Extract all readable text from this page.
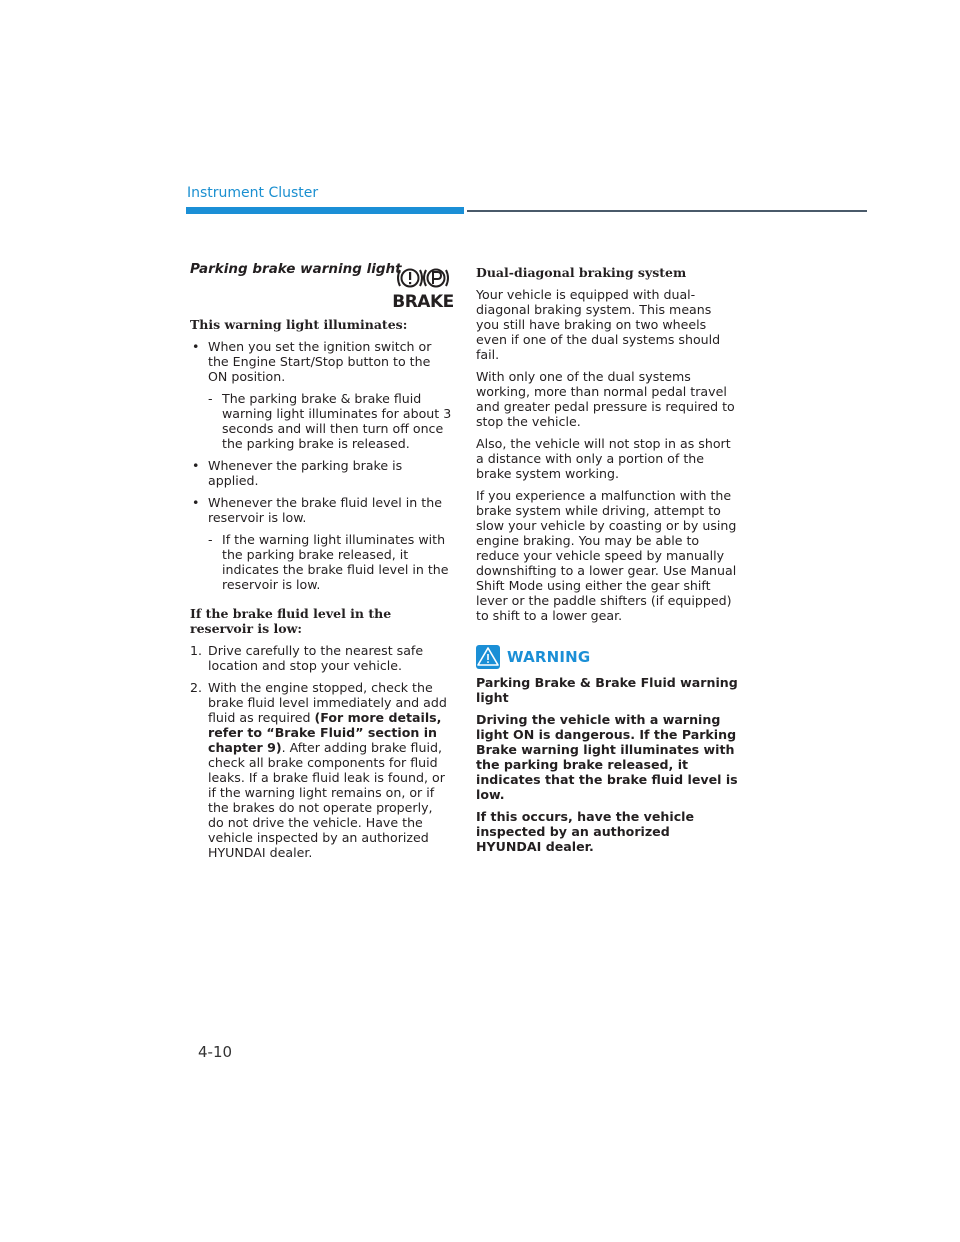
Instrument Cluster
BRAKE

Parking brake warning light

This warning light illuminates:

• When you set the ignition switch or the Engine Start/Stop button to the ON position.
- The parking brake & brake fluid warning light illuminates for about 3 seconds and will then turn off once the parking brake is released.
• Whenever the parking brake is applied.
• Whenever the brake fluid level in the reservoir is low.
- If the warning light illuminates with the parking brake released, it indicates the brake fluid level in the reservoir is low.

If the brake fluid level in the reservoir is low:

1. Drive carefully to the nearest safe location and stop your vehicle.
2. With the engine stopped, check the brake fluid level immediately and add fluid as required (For more details, refer to “Brake Fluid” section in chapter 9). After adding brake fluid, check all brake components for fluid leaks. If a brake fluid leak is found, or if the warning light remains on, or if the brakes do not operate properly, do not drive the vehicle. Have the vehicle inspected by an authorized HYUNDAI dealer.

Dual-diagonal braking system

Your vehicle is equipped with dual-diagonal braking system. This means you still have braking on two wheels even if one of the dual systems should fail.

With only one of the dual systems working, more than normal pedal travel and greater pedal pressure is required to stop the vehicle.

Also, the vehicle will not stop in as short a distance with only a portion of the brake system working.

If you experience a malfunction with the brake system while driving, attempt to slow your vehicle by coasting or by using engine braking. You may be able to reduce your vehicle speed by manually downshifting to a lower gear. Use Manual Shift Mode using either the gear shift lever or the paddle shifters (if equipped) to shift to a lower gear.

WARNING

Parking Brake & Brake Fluid warning light

Driving the vehicle with a warning light ON is dangerous. If the Parking Brake warning light illuminates with the parking brake released, it indicates that the brake fluid level is low.

If this occurs, have the vehicle inspected by an authorized HYUNDAI dealer.

4-10
